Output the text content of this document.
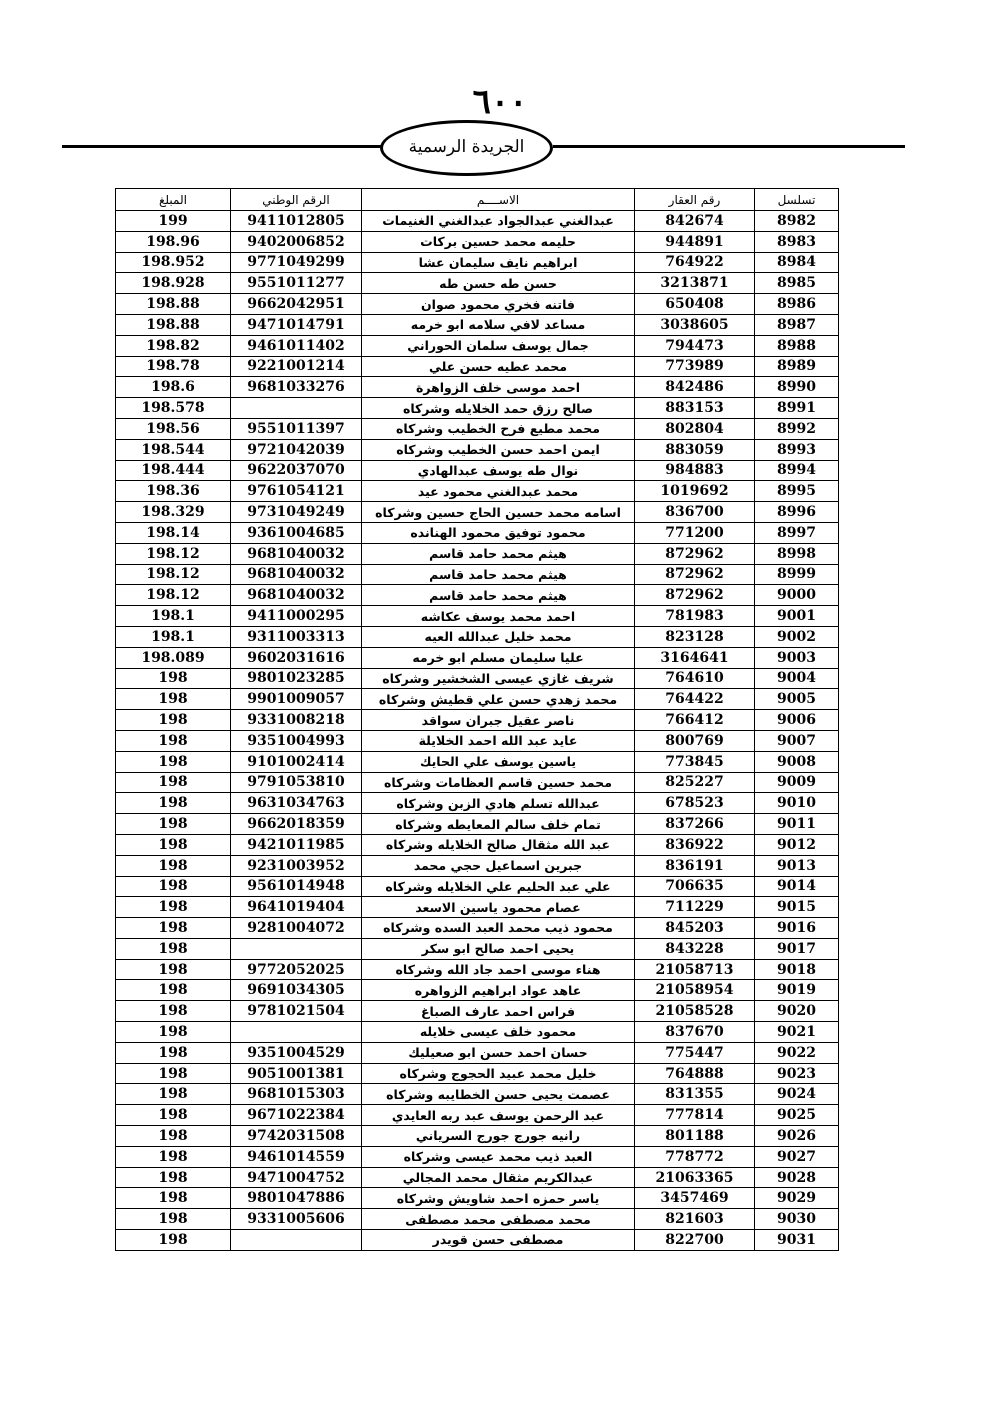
٦٠٠
الجريدة الرسمية
تسلسل	رقم العقار	الاســــم	الرقم الوطني	المبلغ
8982	842674	عبدالغني عبدالجواد عبدالغني الغنيمات	9411012805	199
8983	944891	حليمه محمد حسين بركات	9402006852	198.96
8984	764922	ابراهيم نايف سليمان عشا	9771049299	198.952
8985	3213871	حسن طه حسن طه	9551011277	198.928
8986	650408	فاتنه فخري محمود صوان	9662042951	198.88
8987	3038605	مساعد لافي سلامه ابو خرمه	9471014791	198.88
8988	794473	جمال يوسف سلمان الحوراني	9461011402	198.82
8989	773989	محمد عطيه حسن علي	9221001214	198.78
8990	842486	احمد موسى خلف الزواهرة	9681033276	198.6
8991	883153	صالح رزق حمد الخلايله وشركاه		198.578
8992	802804	محمد مطيع فرح الخطيب وشركاه	9551011397	198.56
8993	883059	ايمن احمد حسن الخطيب وشركاه	9721042039	198.544
8994	984883	نوال طه يوسف عبدالهادي	9622037070	198.444
8995	1019692	محمد عبدالغني محمود عيد	9761054121	198.36
8996	836700	اسامه محمد حسين الحاج حسين وشركاه	9731049249	198.329
8997	771200	محمود توفيق محمود الهنانده	9361004685	198.14
8998	872962	هيثم محمد حامد قاسم	9681040032	198.12
8999	872962	هيثم محمد حامد قاسم	9681040032	198.12
9000	872962	هيثم محمد حامد قاسم	9681040032	198.12
9001	781983	احمد محمد يوسف عكاشه	9411000295	198.1
9002	823128	محمد خليل عبدالله العيه	9311003313	198.1
9003	3164641	عليا سليمان مسلم ابو خرمه	9602031616	198.089
9004	764610	شريف غازي عيسى الشخشير وشركاه	9801023285	198
9005	764422	محمد زهدي حسن علي قطيش وشركاه	9901009057	198
9006	766412	ناصر عقيل جبران سواقد	9331008218	198
9007	800769	عايد عبد الله احمد الخلايلة	9351004993	198
9008	773845	ياسين يوسف علي الحايك	9101002414	198
9009	825227	محمد حسين قاسم العظامات وشركاه	9791053810	198
9010	678523	عبدالله تسلم هادي الزبن وشركاه	9631034763	198
9011	837266	تمام خلف سالم المعايطه وشركاه	9662018359	198
9012	836922	عبد الله مثقال صالح الخلايله وشركاه	9421011985	198
9013	836191	جبرين اسماعيل حجي محمد	9231003952	198
9014	706635	علي عبد الحليم علي الخلايله وشركاه	9561014948	198
9015	711229	عصام محمود ياسين الاسعد	9641019404	198
9016	845203	محمود ذيب محمد العبد السده وشركاه	9281004072	198
9017	843228	يحيى احمد صالح ابو سكر		198
9018	21058713	هناء موسى احمد جاد الله وشركاه	9772052025	198
9019	21058954	عاهد عواد ابراهيم الزواهره	9691034305	198
9020	21058528	فراس احمد عارف الصباغ	9781021504	198
9021	837670	محمود خلف عيسى خلايله		198
9022	775447	حسان احمد حسن ابو صعيليك	9351004529	198
9023	764888	خليل محمد عبيد الحجوج وشركاه	9051001381	198
9024	831355	عصمت يحيى حسن الخطايبه وشركاه	9681015303	198
9025	777814	عبد الرحمن يوسف عبد ربه العايدي	9671022384	198
9026	801188	رانيه جورج جورج السرياني	9742031508	198
9027	778772	العبد ذيب محمد عيسى وشركاه	9461014559	198
9028	21063365	عبدالكريم مثقال محمد المجالي	9471004752	198
9029	3457469	ياسر حمزه احمد شاويش وشركاه	9801047886	198
9030	821603	محمد مصطفى محمد مصطفى	9331005606	198
9031	822700	مصطفى حسن قويدر		198
